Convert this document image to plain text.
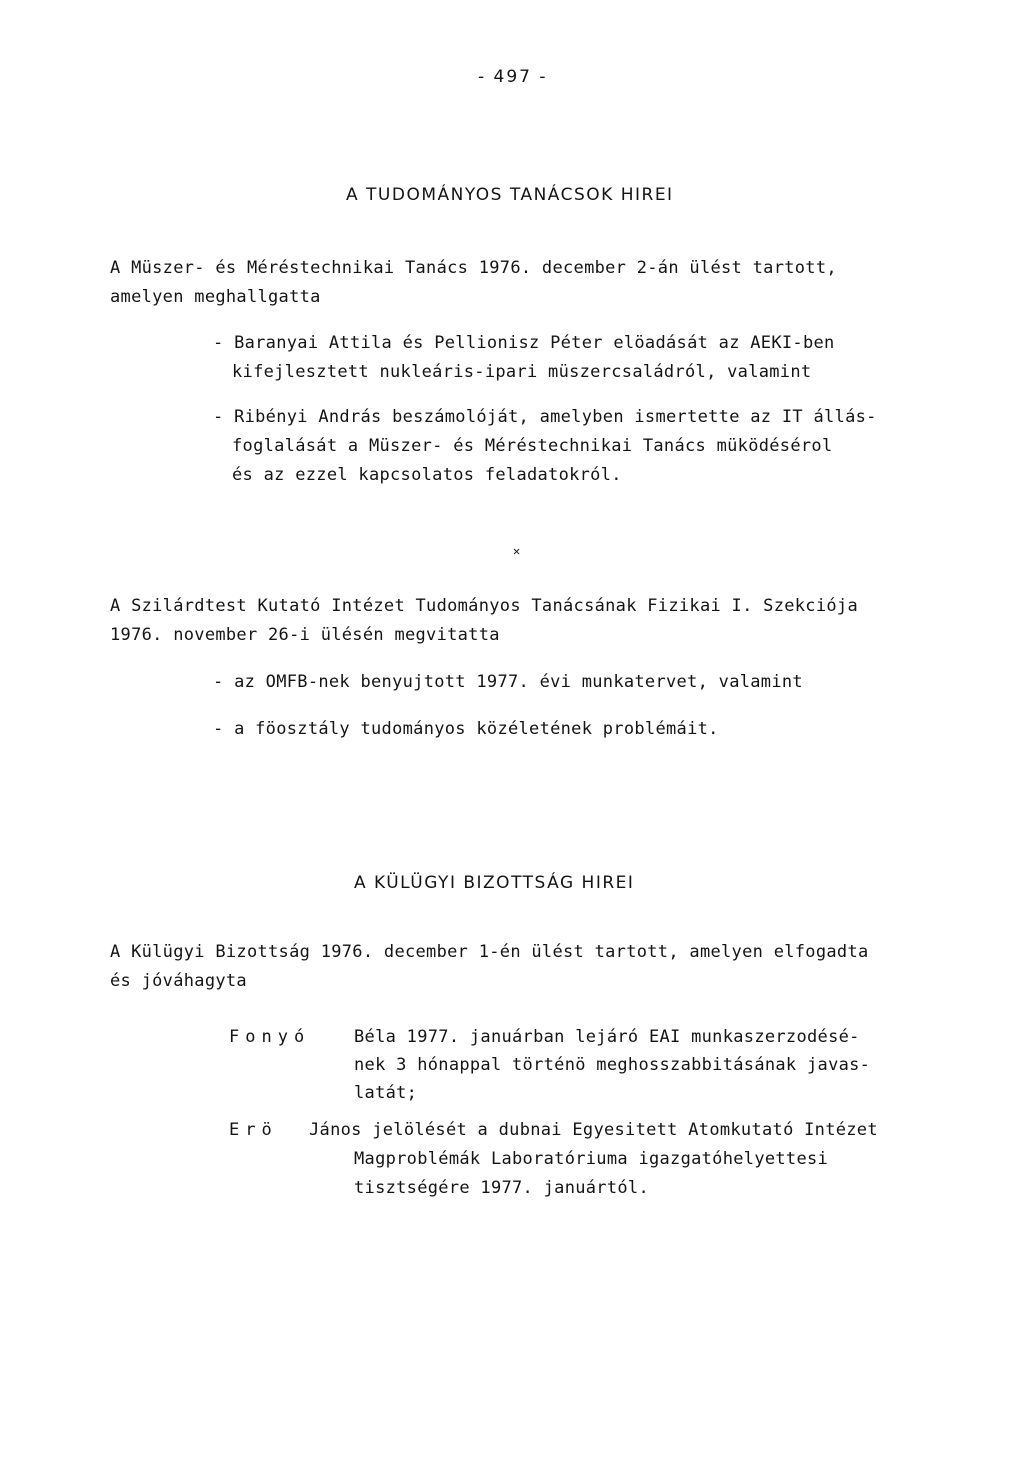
- 497 -
A TUDOMÁNYOS TANÁCSOK HIREI
A Müszer- és Méréstechnikai Tanács 1976. december 2-án ülést tartott,
amelyen meghallgatta
- Baranyai Attila és Pellionisz Péter elöadását az AEKI-ben
kifejlesztett nukleáris-ipari müszercsaládról, valamint
- Ribényi András beszámolóját, amelyben ismertette az IT állás-
foglalását a Müszer- és Méréstechnikai Tanács müködésérol
és az ezzel kapcsolatos feladatokról.
✕
A Szilárdtest Kutató Intézet Tudományos Tanácsának Fizikai I. Szekciója
1976. november 26-i ülésén megvitatta
- az OMFB-nek benyujtott 1977. évi munkatervet, valamint
- a föosztály tudományos közéletének problémáit.
A KÜLÜGYI BIZOTTSÁG HIREI
A Külügyi Bizottság 1976. december 1-én ülést tartott, amelyen elfogadta
és jóváhagyta
Fonyó	Béla 1977. januárban lejáró EAI munkaszerzodésé-
nek 3 hónappal történö meghosszabbitásának javas-
latát;
Erö János jelölését a dubnai Egyesitett Atomkutató Intézet
Magproblémák Laboratóriuma igazgatóhelyettesi
tisztségére 1977. januártól.
